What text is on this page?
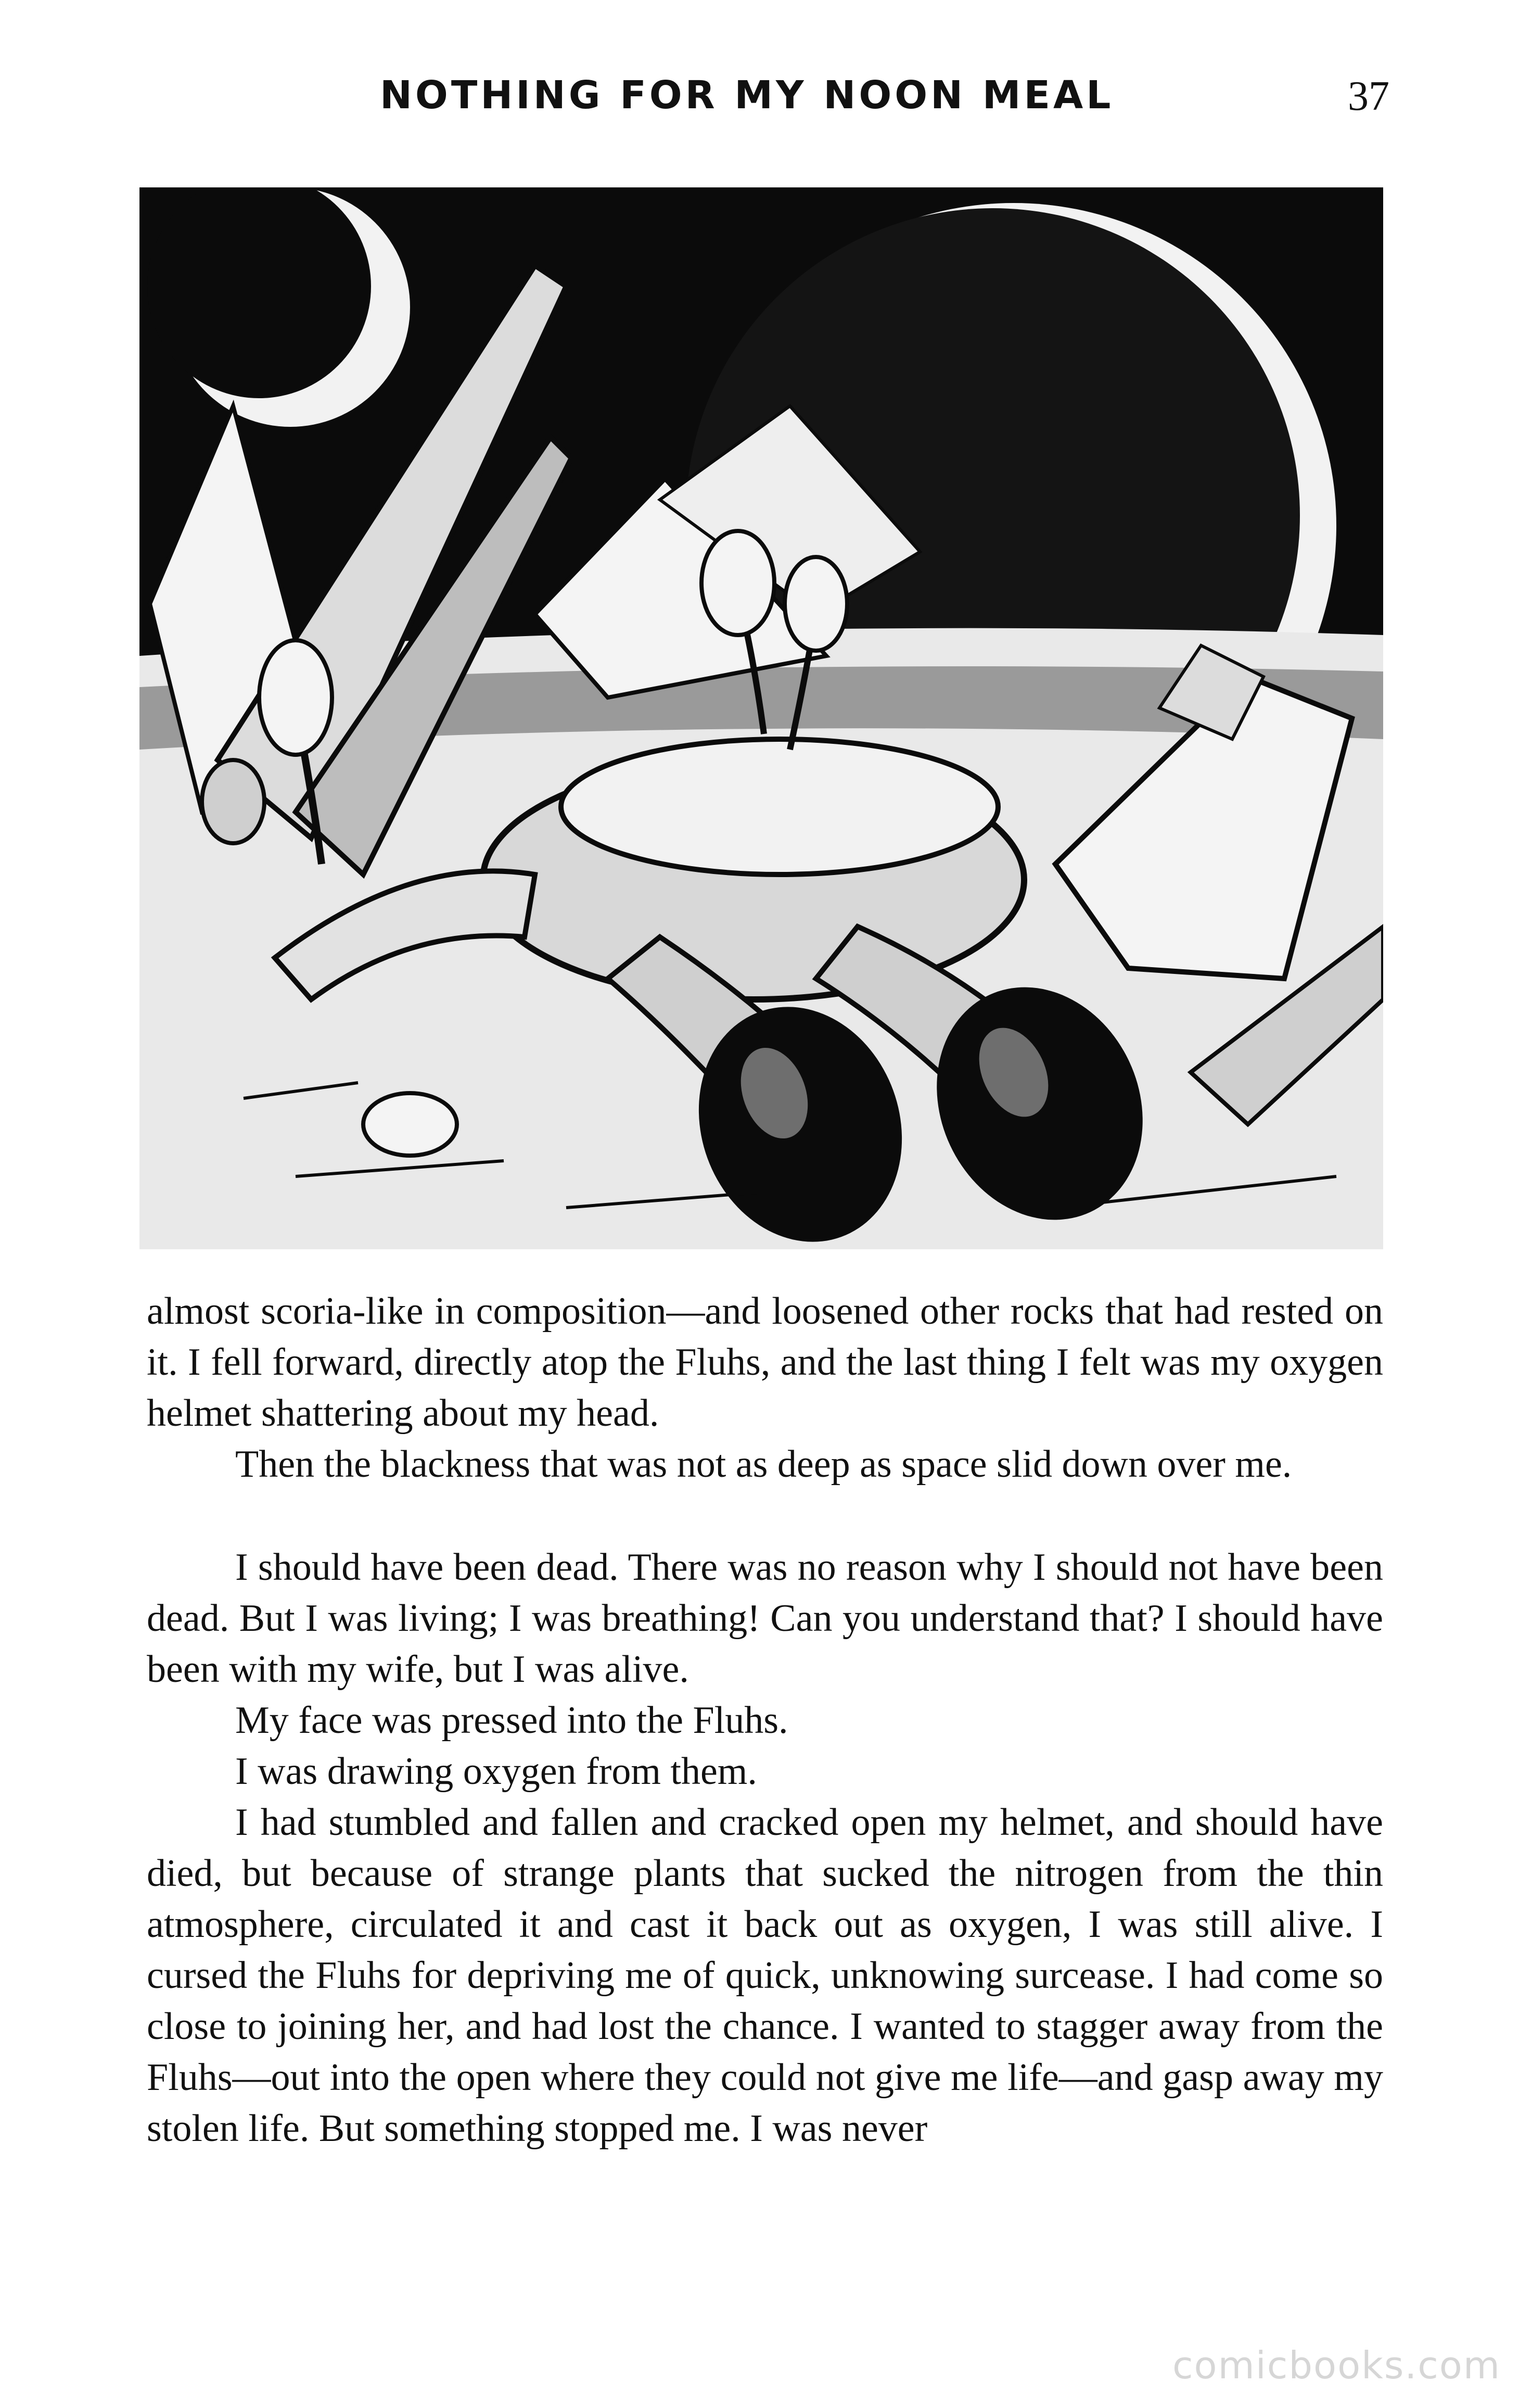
NOTHING FOR MY NOON MEAL	37

almost scoria-like in composition—and loosened other rocks that had rested on it. I fell forward, directly atop the Fluhs, and the last thing I felt was my oxygen helmet shattering about my head.

Then the blackness that was not as deep as space slid down over me.

I should have been dead. There was no reason why I should not have been dead. But I was living; I was breathing! Can you understand that? I should have been with my wife, but I was alive.

My face was pressed into the Fluhs.

I was drawing oxygen from them.

I had stumbled and fallen and cracked open my helmet, and should have died, but because of strange plants that sucked the nitrogen from the thin atmosphere, circulated it and cast it back out as oxygen, I was still alive. I cursed the Fluhs for depriving me of quick, unknowing surcease. I had come so close to joining her, and had lost the chance. I wanted to stagger away from the Fluhs—out into the open where they could not give me life—and gasp away my stolen life. But something stopped me. I was never

comicbooks.com
